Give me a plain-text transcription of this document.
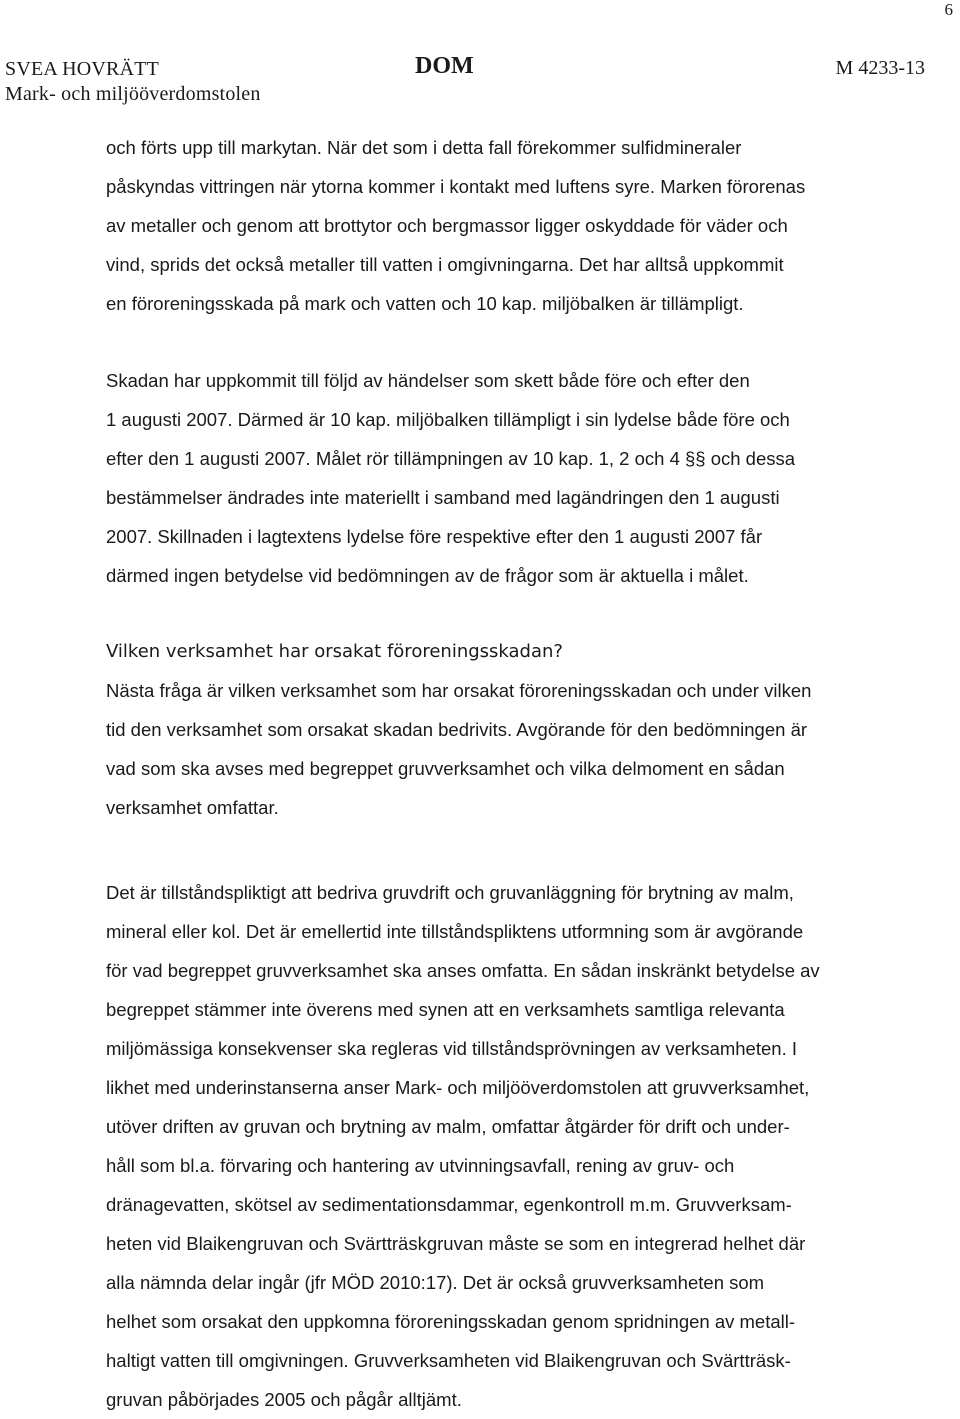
6
SVEA HOVRÄTT
Mark- och miljööverdomstolen
DOM	M 4233-13

och förts upp till markytan. När det som i detta fall förekommer sulfidmineraler
påskyndas vittringen när ytorna kommer i kontakt med luftens syre. Marken förorenas
av metaller och genom att brottytor och bergmassor ligger oskyddade för väder och
vind, sprids det också metaller till vatten i omgivningarna. Det har alltså uppkommit
en föroreningsskada på mark och vatten och 10 kap. miljöbalken är tillämpligt.

Skadan har uppkommit till följd av händelser som skett både före och efter den
1 augusti 2007. Därmed är 10 kap. miljöbalken tillämpligt i sin lydelse både före och
efter den 1 augusti 2007. Målet rör tillämpningen av 10 kap. 1, 2 och 4 §§ och dessa
bestämmelser ändrades inte materiellt i samband med lagändringen den 1 augusti
2007. Skillnaden i lagtextens lydelse före respektive efter den 1 augusti 2007 får
därmed ingen betydelse vid bedömningen av de frågor som är aktuella i målet.

Vilken verksamhet har orsakat föroreningsskadan?

Nästa fråga är vilken verksamhet som har orsakat föroreningsskadan och under vilken
tid den verksamhet som orsakat skadan bedrivits. Avgörande för den bedömningen är
vad som ska avses med begreppet gruvverksamhet och vilka delmoment en sådan
verksamhet omfattar.

Det är tillståndspliktigt att bedriva gruvdrift och gruvanläggning för brytning av malm,
mineral eller kol. Det är emellertid inte tillståndspliktens utformning som är avgörande
för vad begreppet gruvverksamhet ska anses omfatta. En sådan inskränkt betydelse av
begreppet stämmer inte överens med synen att en verksamhets samtliga relevanta
miljömässiga konsekvenser ska regleras vid tillståndsprövningen av verksamheten. I
likhet med underinstanserna anser Mark- och miljööverdomstolen att gruvverksamhet,
utöver driften av gruvan och brytning av malm, omfattar åtgärder för drift och under-
håll som bl.a. förvaring och hantering av utvinningsavfall, rening av gruv- och
dränagevatten, skötsel av sedimentationsdammar, egenkontroll m.m. Gruvverksam-
heten vid Blaikengruvan och Svärtträskgruvan måste se som en integrerad helhet där
alla nämnda delar ingår (jfr MÖD 2010:17). Det är också gruvverksamheten som
helhet som orsakat den uppkomna föroreningsskadan genom spridningen av metall-
haltigt vatten till omgivningen. Gruvverksamheten vid Blaikengruvan och Svärtträsk-
gruvan påbörjades 2005 och pågår alltjämt.
